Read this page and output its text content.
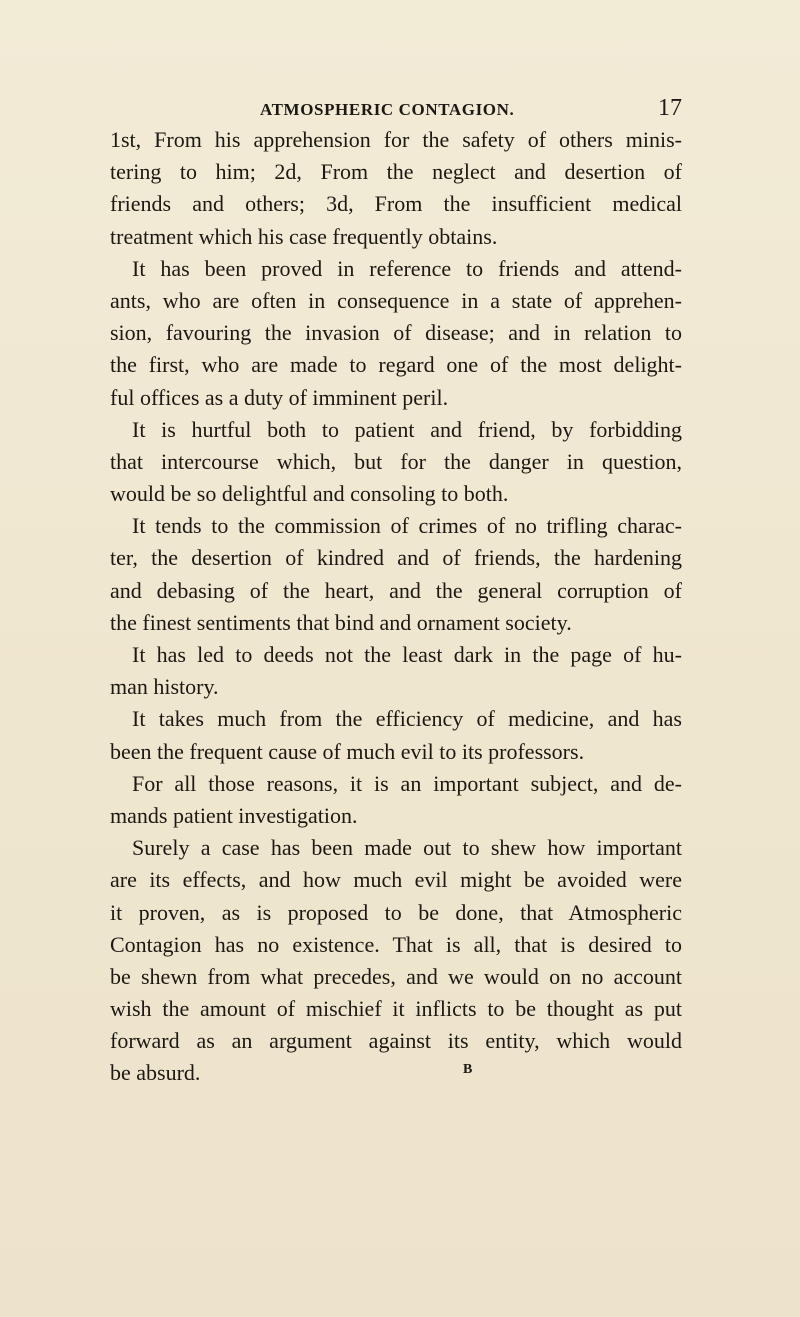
ATMOSPHERIC CONTAGION.	17
1st, From his apprehension for the safety of others minis-
tering to him; 2d, From the neglect and desertion of
friends and others; 3d, From the insufficient medical
treatment which his case frequently obtains.
It has been proved in reference to friends and attend-
ants, who are often in consequence in a state of apprehen-
sion, favouring the invasion of disease; and in relation to
the first, who are made to regard one of the most delight-
ful offices as a duty of imminent peril.
It is hurtful both to patient and friend, by forbidding
that intercourse which, but for the danger in question,
would be so delightful and consoling to both.
It tends to the commission of crimes of no trifling charac-
ter, the desertion of kindred and of friends, the hardening
and debasing of the heart, and the general corruption of
the finest sentiments that bind and ornament society.
It has led to deeds not the least dark in the page of hu-
man history.
It takes much from the efficiency of medicine, and has
been the frequent cause of much evil to its professors.
For all those reasons, it is an important subject, and de-
mands patient investigation.
Surely a case has been made out to shew how important
are its effects, and how much evil might be avoided were
it proven, as is proposed to be done, that Atmospheric
Contagion has no existence. That is all, that is desired to
be shewn from what precedes, and we would on no account
wish the amount of mischief it inflicts to be thought as put
forward as an argument against its entity, which would
be absurd.	B
